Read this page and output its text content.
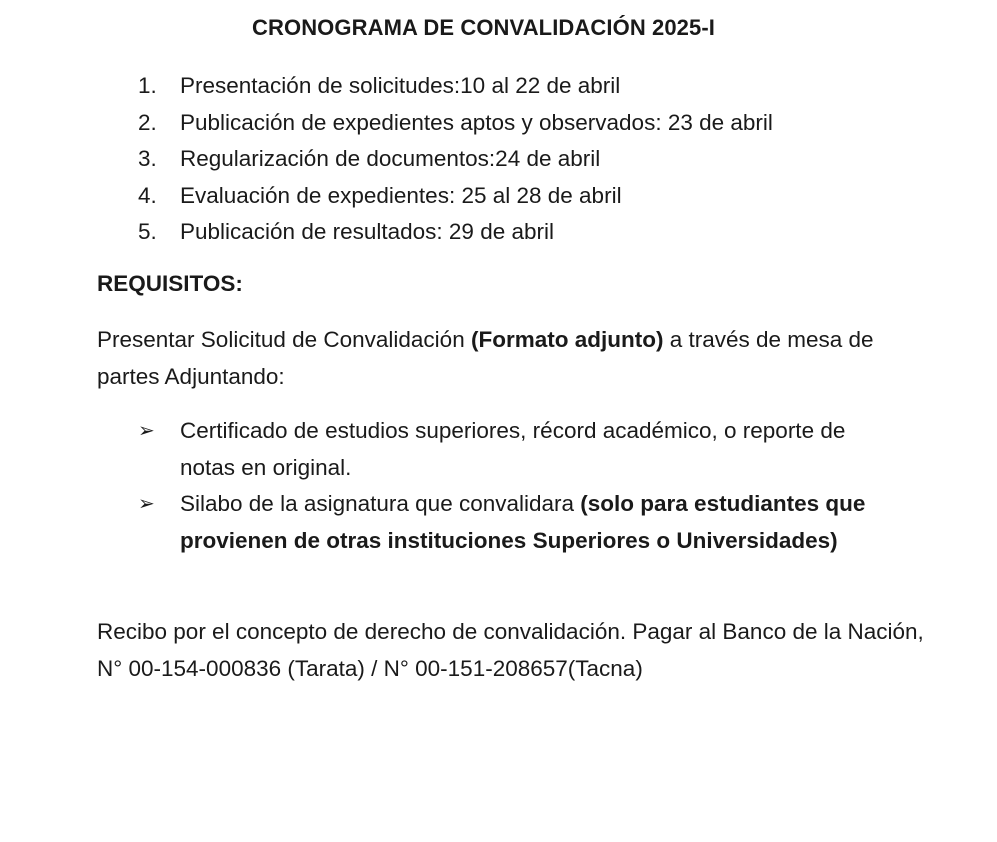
CRONOGRAMA DE CONVALIDACIÓN 2025-I
1. Presentación de solicitudes:10 al 22 de abril
2. Publicación de expedientes aptos y observados: 23 de abril
3. Regularización de documentos:24 de abril
4. Evaluación de expedientes: 25 al 28 de abril
5. Publicación de resultados: 29 de abril
REQUISITOS:

Presentar Solicitud de Convalidación (Formato adjunto) a través de mesa de partes Adjuntando:

➢ Certificado de estudios superiores, récord académico, o reporte de notas en original.
➢ Silabo de la asignatura que convalidara (solo para estudiantes que provienen de otras instituciones Superiores o Universidades)

Recibo por el concepto de derecho de convalidación. Pagar al Banco de la Nación, N° 00-154-000836 (Tarata) / N° 00-151-208657(Tacna)
